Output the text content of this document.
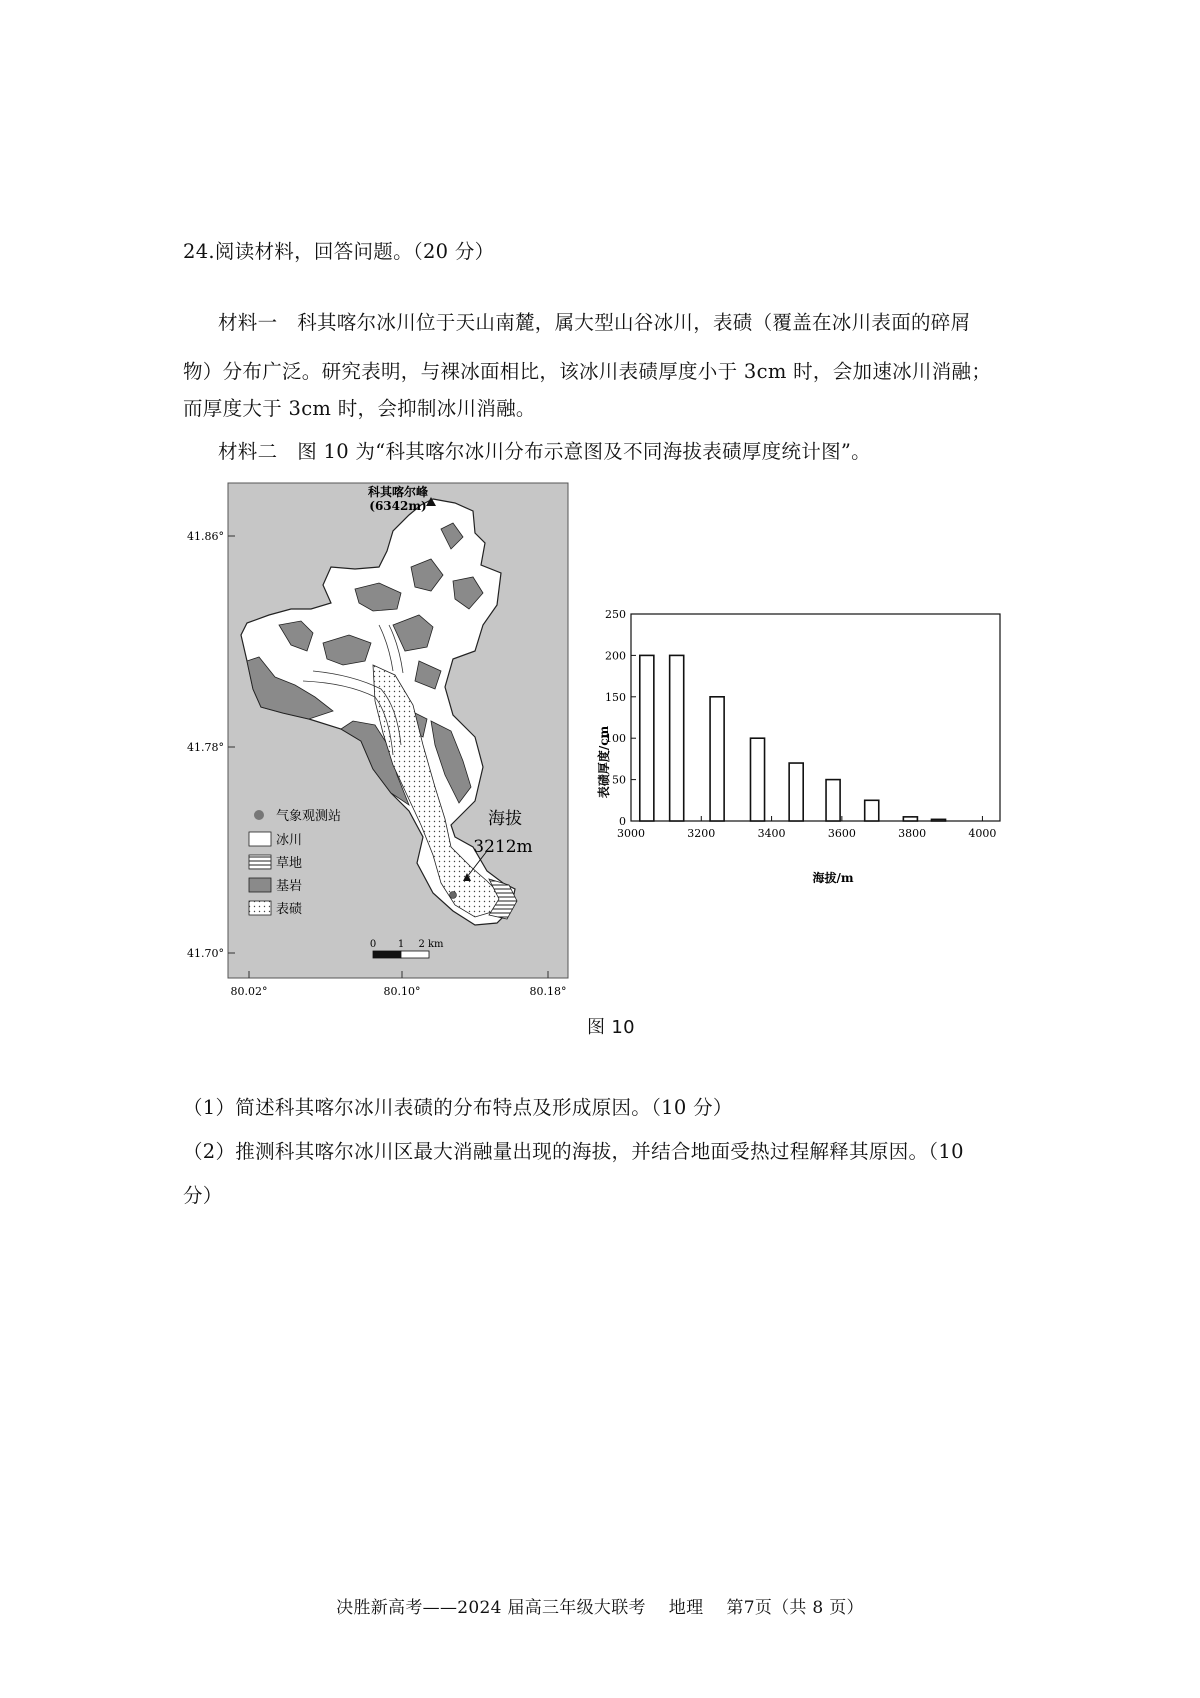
24.阅读材料，回答问题。（20 分）
材料一　科其喀尔冰川位于天山南麓，属大型山谷冰川，表碛（覆盖在冰川表面的碎屑
物）分布广泛。研究表明，与裸冰面相比，该冰川表碛厚度小于 3cm 时，会加速冰川消融；
而厚度大于 3cm 时，会抑制冰川消融。
材料二　图 10 为“科其喀尔冰川分布示意图及不同海拔表碛厚度统计图”。
41.86°
41.78°
41.70°
80.02°	80.10°	80.18°
科其喀尔峰
(6342m)
海拔
3212m
气象观测站
冰川
草地
基岩
表碛
0 1 2 km
0
50
100
150
200
250
3000	3200	3400	3600	3800	4000
表碛厚度/cm
海拔/m
图 10
（1）简述科其喀尔冰川表碛的分布特点及形成原因。（10 分）
（2）推测科其喀尔冰川区最大消融量出现的海拔，并结合地面受热过程解释其原因。（10
分）
决胜新高考——2024 届高三年级大联考　 地理　 第7页（共 8 页）
